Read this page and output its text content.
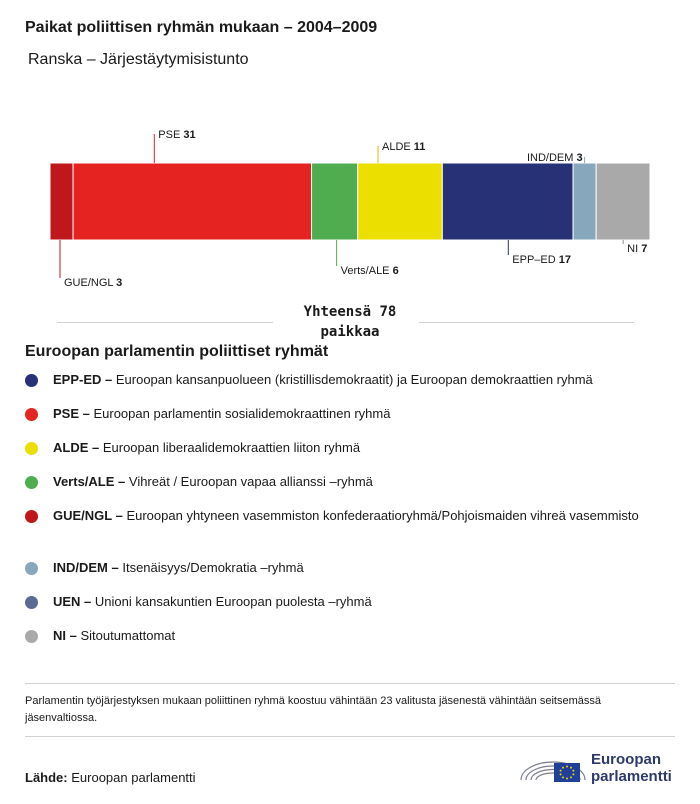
Paikat poliittisen ryhmän mukaan – 2004–2009
Ranska – Järjestäytymisistunto
GUE/NGL 3
PSE 31
Verts/ALE 6
ALDE 11
EPP–ED 17
IND/DEM 3
NI 7
Yhteensä 78
paikkaa
Euroopan parlamentin poliittiset ryhmät
EPP-ED – Euroopan kansanpuolueen (kristillisdemokraatit) ja Euroopan demokraattien ryhmä
PSE – Euroopan parlamentin sosialidemokraattinen ryhmä
ALDE – Euroopan liberaalidemokraattien liiton ryhmä
Verts/ALE – Vihreät / Euroopan vapaa allianssi –ryhmä
GUE/NGL – Euroopan yhtyneen vasemmiston konfederaatioryhmä/Pohjoismaiden vihreä vasemmisto
IND/DEM – Itsenäisyys/Demokratia –ryhmä
UEN – Unioni kansakuntien Euroopan puolesta –ryhmä
NI – Sitoutumattomat
Parlamentin työjärjestyksen mukaan poliittinen ryhmä koostuu vähintään 23 valitusta jäsenestä vähintään seitsemässä jäsenvaltiossa.
Lähde: Euroopan parlamentti
Euroopan
parlamentti
